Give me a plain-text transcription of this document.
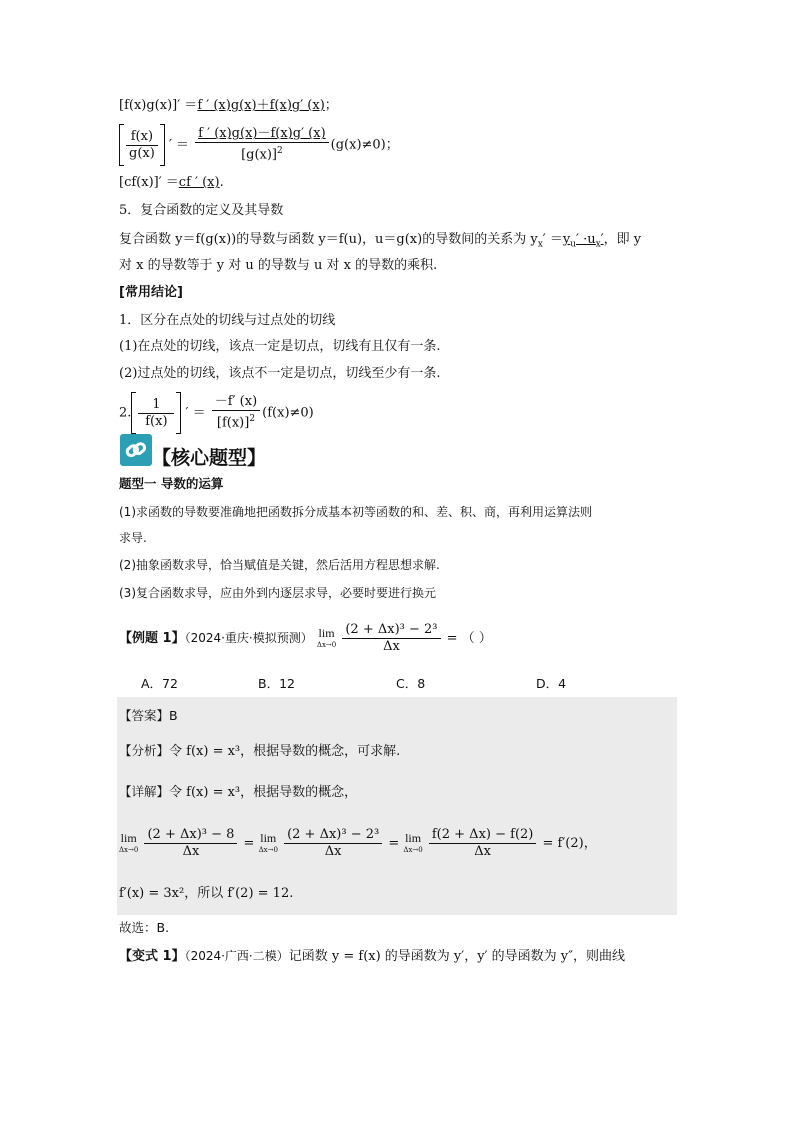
[f(x)g(x)]′ ＝f ′ (x)g(x)＋f(x)g′ (x)；
$\frac{f(x)}{g(x)}$ ′ ＝ $\frac{f ' (x)g(x)-f(x)g' (x)}{[g(x)]^2} (g(x)\ne 0)$；
[cf(x)]′ ＝cf ′ (x).
5．复合函数的定义及其导数
复合函数 y＝f(g(x))的导数与函数 y＝f(u)，u＝g(x)的导数间的关系为 $y_x' =y_u' \cdot u_x'$，即 y
对 x 的导数等于 y 对 u 的导数与 u 对 x 的导数的乘积.
[常用结论]
1．区分在点处的切线与过点处的切线
(1)在点处的切线，该点一定是切点，切线有且仅有一条.
(2)过点处的切线，该点不一定是切点，切线至少有一条.
2. $\frac{1}{f(x)}$ ′ ＝ $\frac{-f' (x)}{[f(x)]^2} (f(x)\ne 0)$
【核心题型】
题型一 导数的运算
(1)求函数的导数要准确地把函数拆分成基本初等函数的和、差、积、商，再利用运算法则
求导.
(2)抽象函数求导，恰当赋值是关键，然后活用方程思想求解.
(3)复合函数求导，应由外到内逐层求导，必要时要进行换元
【例题 1】（2024·重庆·模拟预测） lim
Δx→0
$\frac{\text{(2 + Δx)³ − 2³}}{\Delta x}$ = （ ）
A．72	B．12	C．8	D．4
【答案】B
【分析】令 f(x) = x³，根据导数的概念，可求解.
【详解】令 f(x) = x³，根据导数的概念，
lim
Δx→0
$\frac{\text{(2 + Δx)³ − 8}}{\Delta x} = \lim$
Δx→0
$\frac{\text{(2 + Δx)³ − 2³}}{\Delta x} = \lim$
Δx→0
$\frac{f(2 + \Delta x) - f(2)}{\Delta x} = f'(2)$，
f′(x) = 3x²，所以 f′(2) = 12.
故选：B.
【变式 1】（2024·广西·二模）记函数 y = f(x) 的导函数为 y′，y′ 的导函数为 y″，则曲线
